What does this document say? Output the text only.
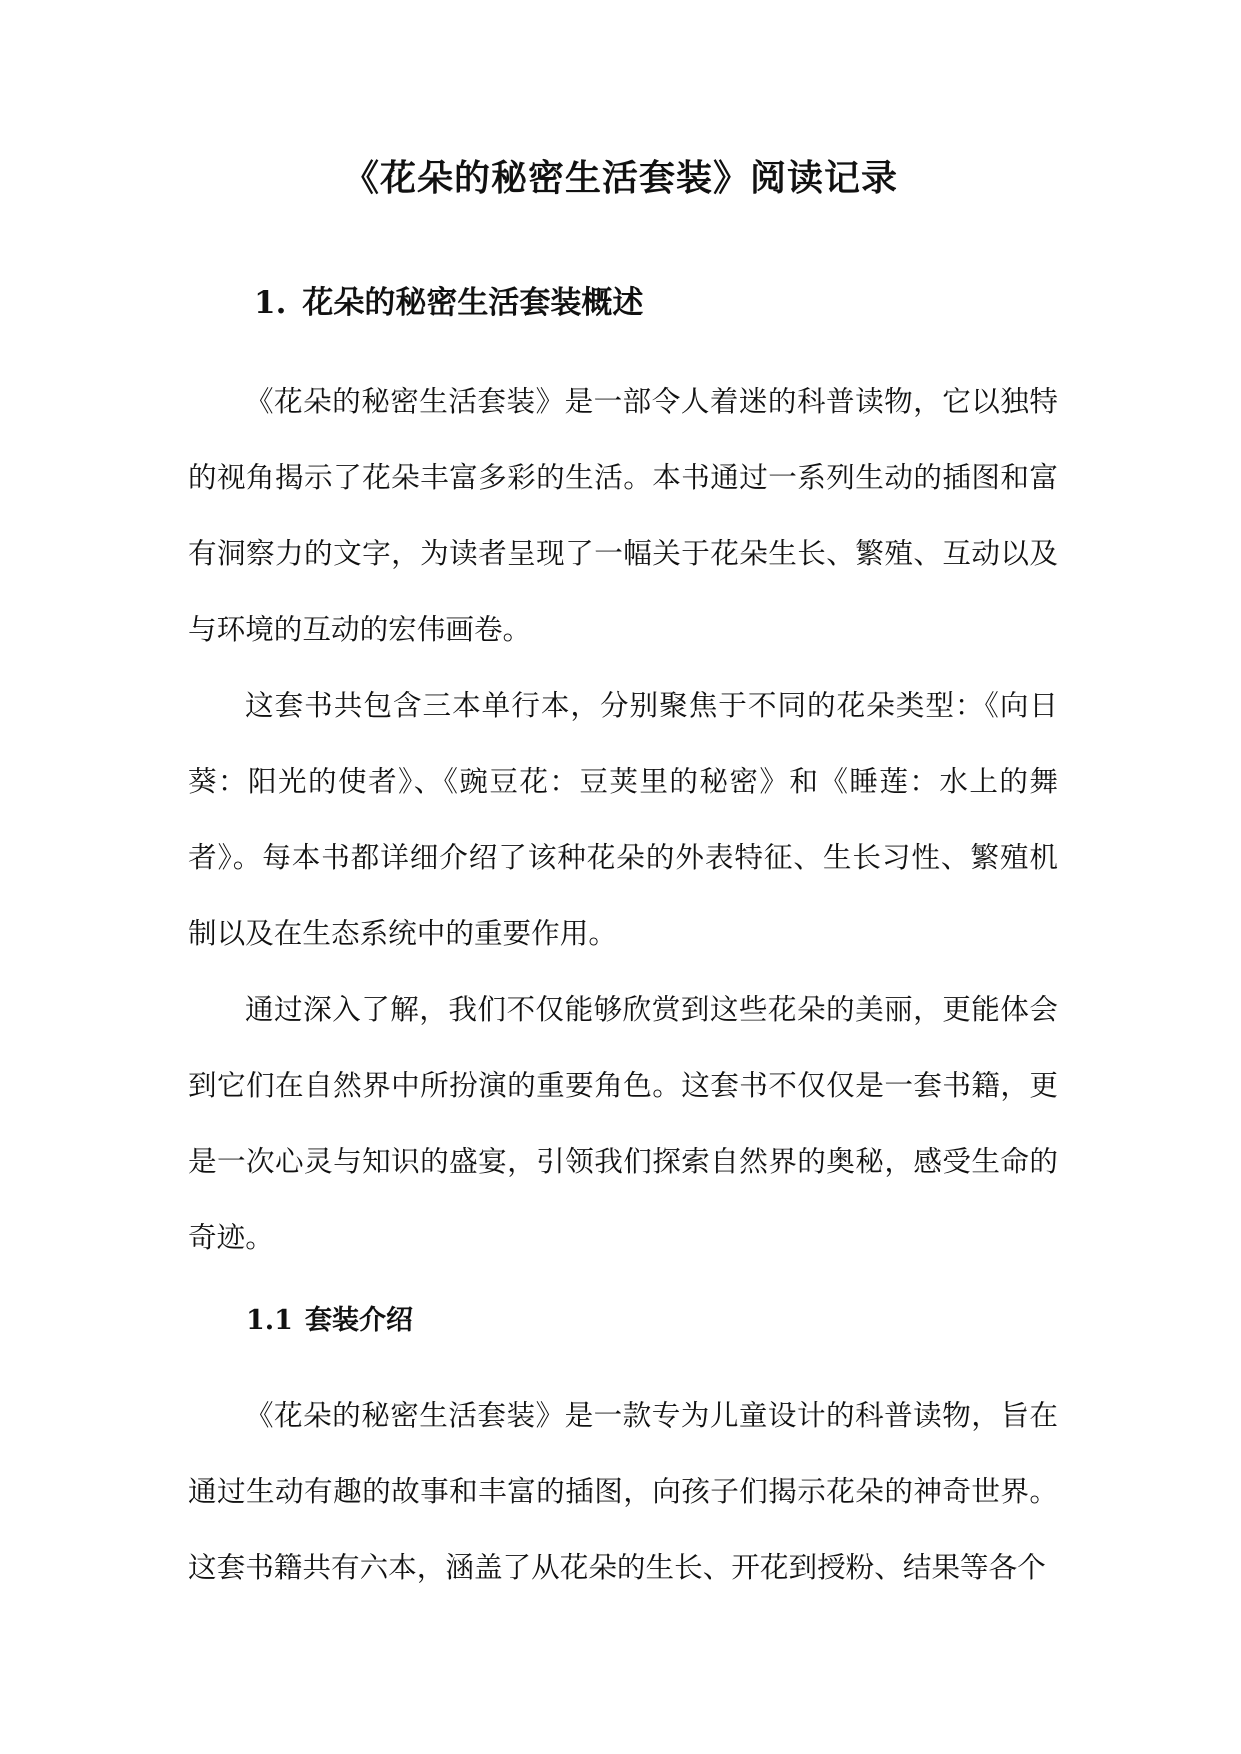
《花朵的秘密生活套装》阅读记录
1. 花朵的秘密生活套装概述

《花朵的秘密生活套装》是一部令人着迷的科普读物，它以独特的视角揭示了花朵丰富多彩的生活。本书通过一系列生动的插图和富有洞察力的文字，为读者呈现了一幅关于花朵生长、繁殖、互动以及与环境的互动的宏伟画卷。

这套书共包含三本单行本，分别聚焦于不同的花朵类型：《向日葵：阳光的使者》、《豌豆花：豆荚里的秘密》和《睡莲：水上的舞者》。每本书都详细介绍了该种花朵的外表特征、生长习性、繁殖机制以及在生态系统中的重要作用。

通过深入了解，我们不仅能够欣赏到这些花朵的美丽，更能体会到它们在自然界中所扮演的重要角色。这套书不仅仅是一套书籍，更是一次心灵与知识的盛宴，引领我们探索自然界的奥秘，感受生命的奇迹。

1.1 套装介绍

《花朵的秘密生活套装》是一款专为儿童设计的科普读物，旨在通过生动有趣的故事和丰富的插图，向孩子们揭示花朵的神奇世界。这套书籍共有六本，涵盖了从花朵的生长、开花到授粉、结果等各个
